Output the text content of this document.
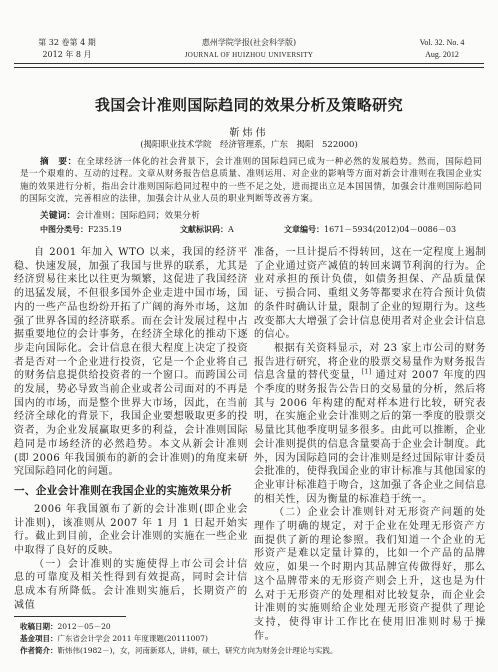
第 32 卷第 4 期
2012 年 8 月
惠州学院学报(社会科学版)
JOURNAL OF HUIZHOU UNIVERSITY
Vol. 32. No. 4
Aug. 2012
我国会计准则国际趋同的效果分析及策略研究
靳炜伟
(揭阳职业技术学院　经济管理系，广东　揭阳　522000)
摘　要：在全球经济一体化的社会背景下，会计准则的国际趋同已成为一种必然的发展趋势。然而，国际趋同是一个艰难的、互动的过程。文章从财务报告信息质量、准则运用、对企业的影响等方面对新会计准则在我国企业实施的效果进行分析，指出会计准则国际趋同过程中的一些不足之处，进而提出立足本国国情，加强会计准则国际趋同的国际交流，完善相应的法律，加强会计从业人员的职业判断等改善方案。
关键词：会计准则；国际趋同；效果分析
中图分类号：F235.19	文献标识码：A	文章编号：1671－5934(2012)04－0086－03

自 2001 年加入 WTO 以来，我国的经济平稳、快速发展，加强了我国与世界的联系，尤其是经济贸易往来比以往更为频繁，这促进了我国经济的迅猛发展，不但很多国外企业走进中国市场，国内的一些产品也纷纷开拓了广阔的海外市场，这加强了世界各国的经济联系。而在会计发展过程中占据重要地位的会计事务，在经济全球化的推动下逐步走向国际化。会计信息在很大程度上决定了投资者是否对一个企业进行投资，它是一个企业将自己的财务信息提供给投资者的一个窗口。而跨国公司的发展，势必导致当前企业或者公司面对的不再是国内的市场，而是整个世界大市场，因此，在当前经济全球化的背景下，我国企业要想吸取更多的投资者，为企业发展赢取更多的利益，会计准则国际趋同是市场经济的必然趋势。本文从新会计准则(即 2006 年我国颁布的新的会计准则)的角度来研究国际趋同化的问题。

一、企业会计准则在我国企业的实施效果分析

2006 年我国颁布了新的会计准则(即企业会计准则)，该准则从 2007 年 1 月 1 日起开始实行。截止到目前，企业会计准则的实施在一些企业中取得了良好的反映。

（一）会计准则的实施使得上市公司会计信息的可靠度及相关性得到有效提高，同时会计信息成本有所降低。会计准则实施后，长期资产的减值

准备，一旦计提后不得转回，这在一定程度上遏制了企业通过资产减值的转回来调节利润的行为。企业对承担的预计负债，如债务担保、产品质量保证、亏损合同、重组义务等都要求在符合预计负债的条件时确认计量，限制了企业的短期行为。这些改变都大大增强了会计信息使用者对企业会计信息的信心。

根据有关资料显示，对 23 家上市公司的财务报告进行研究，将企业的股票交易量作为财务报告信息含量的替代变量，[1] 通过对 2007 年度的四个季度的财务报告公告日的交易量的分析，然后将其与 2006 年构建的配对样本进行比较，研究表明，在实施企业会计准则之后的第一季度的股票交易量比其他季度明显多很多。由此可以推断，企业会计准则提供的信息含量要高于企业会计制度。此外，因为国际趋同的会计准则是经过国际审计委员会批准的，使得我国企业的审计标准与其他国家的企业审计标准趋于吻合，这加强了各企业之间信息的相关性，因为衡量的标准趋于统一。

（二）企业会计准则针对无形资产问题的处理作了明确的规定，对于企业在处理无形资产方面提供了新的理论参照。我们知道一个企业的无形资产是难以定量计算的，比如一个产品的品牌效应，如果一个时期内其品牌宣传做得好，那么这个品牌带来的无形资产则会上升，这也是为什么对于无形资产的处理相对比较复杂，而企业会计准则的实施则给企业处理无形资产提供了理论支持，使得审计工作比在使用旧准则时易于操作。

收稿日期：2012－05－20
基金项目：广东省会计学会 2011 年度课题(20111007)
作者简介：靳炜伟(1982－)，女，河南新郑人，讲师，硕士，研究方向为财务会计理论与实践。
